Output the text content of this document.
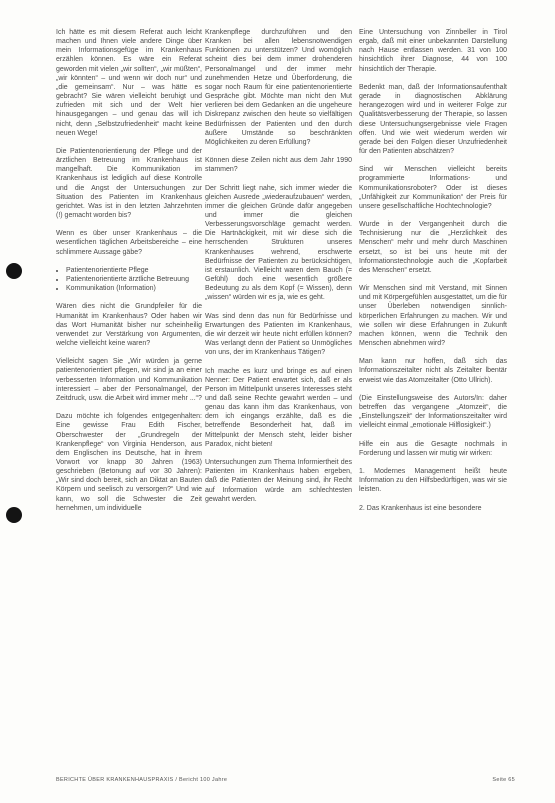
Ich hätte es mit diesem Referat auch leicht machen und Ihnen viele andere Dinge über mein Informationsgefüge im Krankenhaus erzählen können. Es wäre ein Referat geworden mit vielen „wir sollten“, „wir müßten“, „wir könnten“ – und wenn wir doch nur“ und „die gemeinsam“. Nur – was hätte es gebracht? Sie wären vielleicht beruhigt und zufrieden mit sich und der Welt hier hinausgegangen – und genau das will ich nicht, denn „Selbstzufriedenheit“ macht keine neuen Wege!

Die Patientenorientierung der Pflege und der ärztlichen Betreuung im Krankenhaus ist mangelhaft. Die Kommunikation im Krankenhaus ist lediglich auf diese Kontrolle und die Angst der Untersuchungen zur Situation des Patienten im Krankenhaus gerichtet. Was ist in den letzten Jahrzehnten (!) gemacht worden bis?

Wenn es über unser Krankenhaus – die wesentlichen täglichen Arbeitsbereiche – eine schlimmere Aussage gäbe?

• Patientenorientierte Pflege
• Patientenorientierte ärztliche Betreuung
• Kommunikation (Information)

Wären dies nicht die Grundpfeiler für die Humanität im Krankenhaus? Oder haben wir das Wort Humanität bisher nur scheinheilig verwendet zur Verstärkung von Argumenten, welche vielleicht keine waren?

Vielleicht sagen Sie „Wir würden ja gerne patientenorientiert pflegen, wir sind ja an einer verbesserten Information und Kommunikation interessiert – aber der Personalmangel, der Zeitdruck, usw. die Arbeit wird immer mehr ...“?

Dazu möchte ich folgendes entgegenhalten: Eine gewisse Frau Edith Fischer, Oberschwester der „Grundregeln der Krankenpflege“ von Virginia Henderson, aus dem Englischen ins Deutsche, hat in ihrem Vorwort vor knapp 30 Jahren (1963) geschrieben (Betonung auf vor 30 Jahren): „Wir sind doch bereit, sich an Diktat an Bauten Körpern und seelisch zu versorgen?“ Und wie kann, wo soll die Schwester die Zeit hernehmen, um individuelle

Krankenpflege durchzuführen und den Kranken bei allen lebensnotwendigen Funktionen zu unterstützen? Und womöglich scheint dies bei dem immer drohenderen Personalmangel und der immer mehr zunehmenden Hetze und Überforderung, die sogar noch Raum für eine patientenorientierte Gespräche gibt. Möchte man nicht den Mut verlieren bei dem Gedanken an die ungeheure Diskrepanz zwischen den heute so vielfältigen Bedürfnissen der Patienten und den durch äußere Umstände so beschränkten Möglichkeiten zu deren Erfüllung?

Können diese Zeilen nicht aus dem Jahr 1990 stammen?

Der Schritt liegt nahe, sich immer wieder die gleichen Ausrede „wiederaufzubauen“ werden, immer die gleichen Gründe dafür angegeben und immer die gleichen Verbesserungsvorschläge gemacht werden. Die Hartnäckigkeit, mit wir diese sich die herrschenden Strukturen unseres Krankenhauses wehrend, erschwerte Bedürfnisse der Patienten zu berücksichtigen, ist erstaunlich. Vielleicht waren dem Bauch (= Gefühl) doch eine wesentlich größere Bedeutung zu als dem Kopf (= Wissen), denn „wissen“ würden wir es ja, wie es geht.

Was sind denn das nun für Bedürfnisse und Erwartungen des Patienten im Krankenhaus, die wir derzeit wir heute nicht erfüllen können? Was verlangt denn der Patient so Unmögliches von uns, der im Krankenhaus Tätigen?

Ich mache es kurz und bringe es auf einen Nenner: Der Patient erwartet sich, daß er als Person im Mittelpunkt unseres Interesses steht und daß seine Rechte gewahrt werden – und genau das kann ihm das Krankenhaus, von dem ich eingangs erzählte, daß es die betreffende Besonderheit hat, daß im Mittelpunkt der Mensch steht, leider bisher Paradox, nicht bieten!

Untersuchungen zum Thema Informiertheit des Patienten im Krankenhaus haben ergeben, daß die Patienten der Meinung sind, ihr Recht auf Information würde am schlechtesten gewahrt werden.

Eine Untersuchung von Zinnbeller in Tirol ergab, daß mit einer unbekannten Darstellung nach Hause entlassen werden. 31 von 100 hinsichtlich ihrer Diagnose, 44 von 100 hinsichtlich der Therapie.

Bedenkt man, daß der Informationsaufenthalt gerade in diagnostischen Abklärung herangezogen wird und in weiterer Folge zur Qualitätsverbesserung der Therapie, so lassen diese Untersuchungsergebnisse viele Fragen offen. Und wie weit wiederum werden wir gerade bei den Folgen dieser Unzufriedenheit für den Patienten abschätzen?

Sind wir Menschen vielleicht bereits programmierte Informations- und Kommunikationsroboter? Oder ist dieses „Unfähigkeit zur Kommunikation“ der Preis für unsere gesellschaftliche Hochtechnologie?

Wurde in der Vergangenheit durch die Technisierung nur die „Herzlichkeit des Menschen“ mehr und mehr durch Maschinen ersetzt, so ist bei uns heute mit der Informationstechnologie auch die „Kopfarbeit des Menschen“ ersetzt.

Wir Menschen sind mit Verstand, mit Sinnen und mit Körpergefühlen ausgestattet, um die für unser Überleben notwendigen sinnlich-körperlichen Erfahrungen zu machen. Wir und wie sollen wir diese Erfahrungen in Zukunft machen können, wenn die Technik den Menschen abnehmen wird?

Man kann nur hoffen, daß sich das Informationszeitalter nicht als Zeitalter lbentär erweist wie das Atomzeitalter (Otto Ullrich).

(Die Einstellungsweise des Autors/In: daher betreffen das vergangene „Atomzeit“, die „Einstellungszeit“ der Informationszeitalter wird vielleicht einmal „emotionale Hilflosigkeit“.)

Hilfe ein aus die Gesagte nochmals in Forderung und lassen wir mutig wir wirken:

1. Modernes Management heißt heute Information zu den Hilfsbedürftigen, was wir sie leisten.

2. Das Krankenhaus ist eine besondere

BERICHTE ÜBER KRANKENHAUSPRAXIS / Bericht 100 Jahre	Seite 65
